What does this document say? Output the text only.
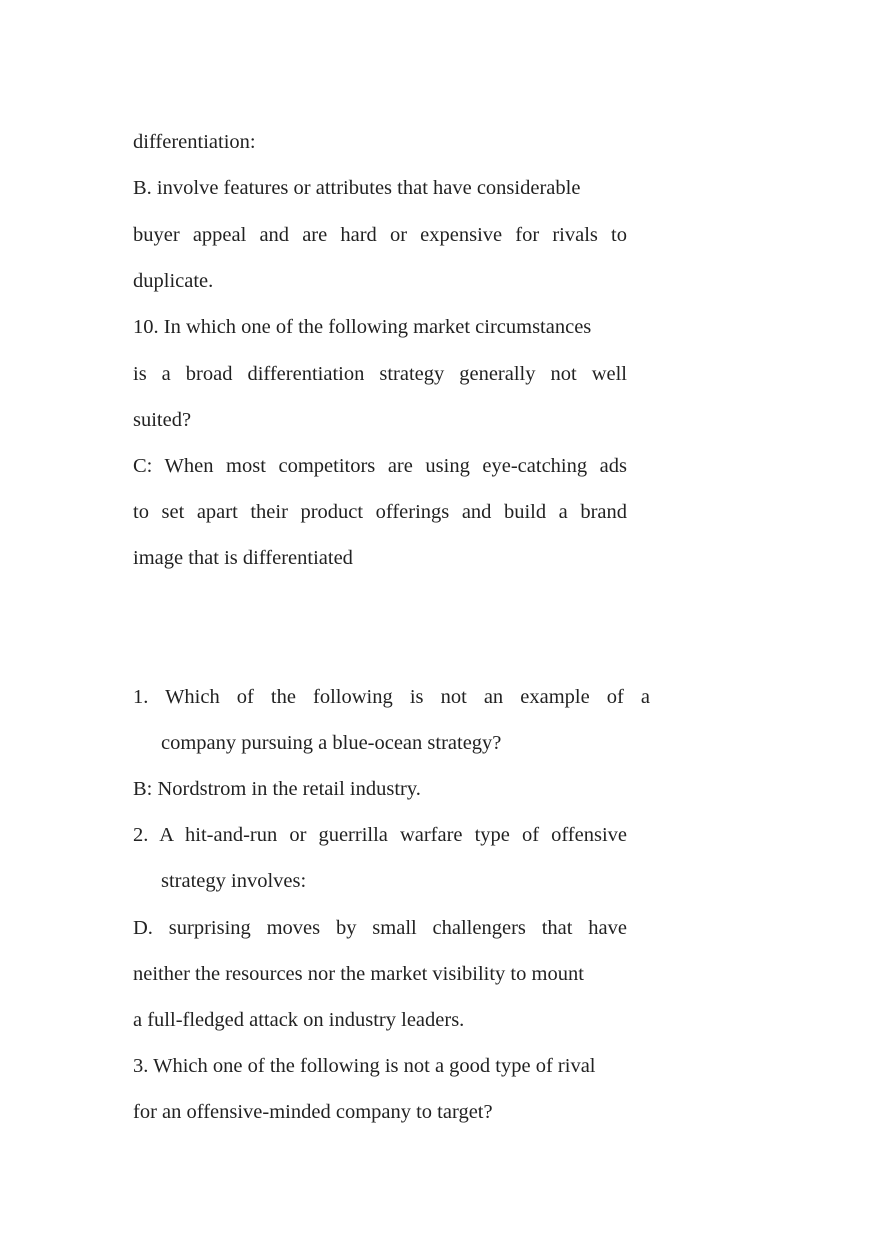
differentiation:
B. involve features or attributes that have considerable
buyer appeal and are hard or expensive for rivals to
duplicate.
10. In which one of the following market circumstances
is a broad differentiation strategy generally not well
suited?
C: When most competitors are using eye-catching ads
to set apart their product offerings and build a brand
image that is differentiated
1. Which of the following is not an example of a
company pursuing a blue-ocean strategy?
B: Nordstrom in the retail industry.
2. A hit-and-run or guerrilla warfare type of offensive
strategy involves:
D. surprising moves by small challengers that have
neither the resources nor the market visibility to mount
a full-fledged attack on industry leaders.
3. Which one of the following is not a good type of rival
for an offensive-minded company to target?
